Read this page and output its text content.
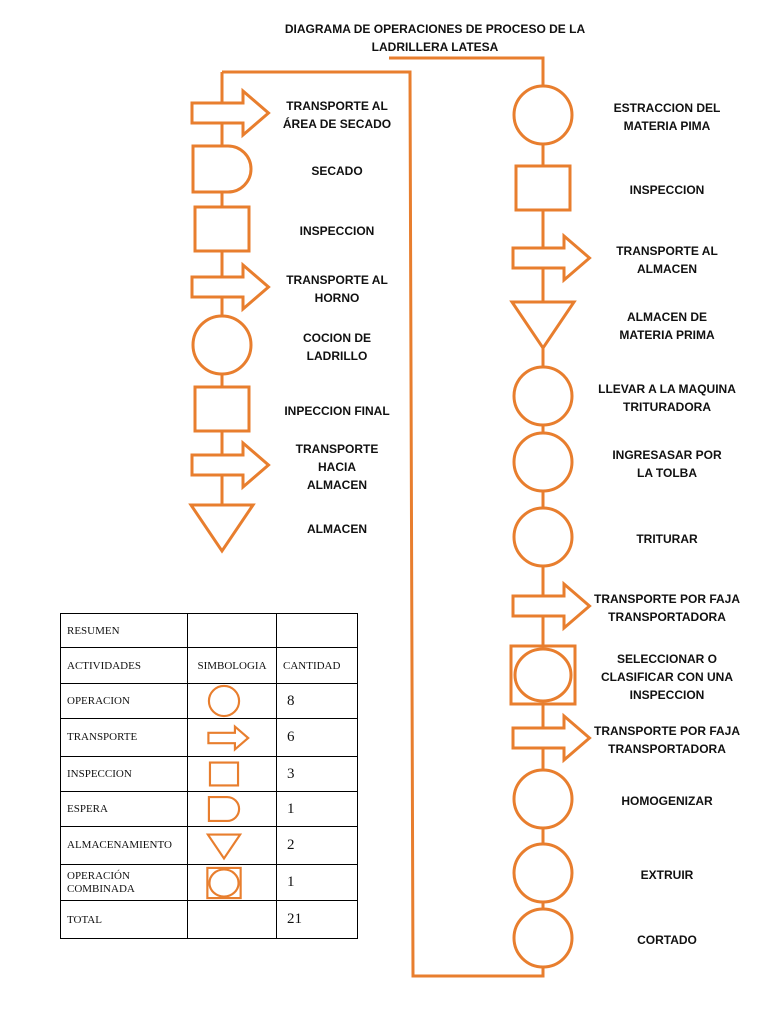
DIAGRAMA DE OPERACIONES DE PROCESO DE LA
LADRILLERA LATESA
ESTRACCION DEL
MATERIA PIMA
INSPECCION
TRANSPORTE AL
ALMACEN
ALMACEN DE
MATERIA PRIMA
LLEVAR A LA MAQUINA
TRITURADORA
INGRESASAR POR
LA TOLBA
TRITURAR
TRANSPORTE POR FAJA
TRANSPORTADORA
SELECCIONAR O
CLASIFICAR CON UNA
INSPECCION
TRANSPORTE POR FAJA
TRANSPORTADORA
HOMOGENIZAR
EXTRUIR
CORTADO
TRANSPORTE AL
ÁREA DE SECADO
SECADO
INSPECCION
TRANSPORTE AL
HORNO
COCION DE
LADRILLO
INPECCION FINAL
TRANSPORTE
HACIA
ALMACEN
ALMACEN
RESUMEN		
ACTIVIDADES	SIMBOLOGIA	CANTIDAD
OPERACION		8
TRANSPORTE		6
INSPECCION		3
ESPERA		1
ALMACENAMIENTO		2
OPERACIÓN
COMBINADA		1
TOTAL		21
